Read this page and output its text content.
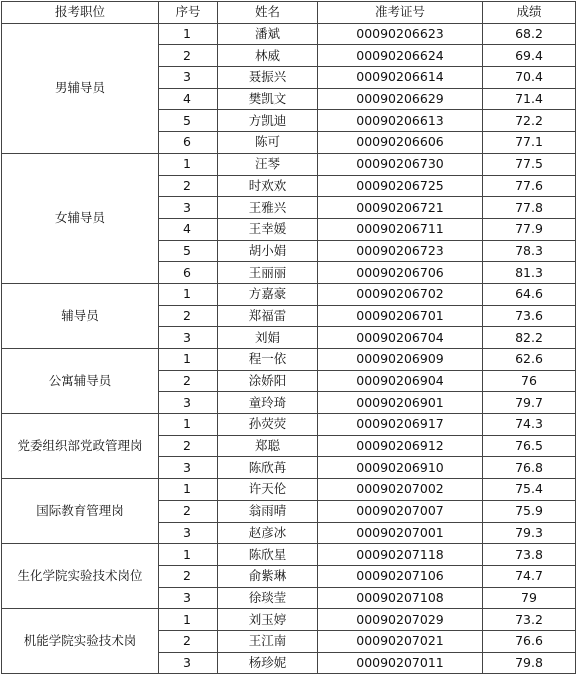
报考职位	序号	姓名	准考证号	成绩
男辅导员	1	潘斌	00090206623	68.2
	2	林威	00090206624	69.4
	3	聂振兴	00090206614	70.4
	4	樊凯文	00090206629	71.4
	5	方凯迪	00090206613	72.2
	6	陈可	00090206606	77.1
女辅导员	1	汪琴	00090206730	77.5
	2	时欢欢	00090206725	77.6
	3	王雅兴	00090206721	77.8
	4	王幸媛	00090206711	77.9
	5	胡小娟	00090206723	78.3
	6	王丽丽	00090206706	81.3
辅导员	1	方嘉豪	00090206702	64.6
	2	郑福雷	00090206701	73.6
	3	刘娟	00090206704	82.2
公寓辅导员	1	程一依	00090206909	62.6
	2	涂娇阳	00090206904	76
	3	童玲琦	00090206901	79.7
党委组织部党政管理岗	1	孙荧荧	00090206917	74.3
	2	郑聪	00090206912	76.5
	3	陈欣苒	00090206910	76.8
国际教育管理岗	1	许天伦	00090207002	75.4
	2	翁雨晴	00090207007	75.9
	3	赵彦冰	00090207001	79.3
生化学院实验技术岗位	1	陈欣星	00090207118	73.8
	2	俞紫琳	00090207106	74.7
	3	徐琰莹	00090207108	79
机能学院实验技术岗	1	刘玉婷	00090207029	73.2
	2	王江南	00090207021	76.6
	3	杨珍妮	00090207011	79.8
